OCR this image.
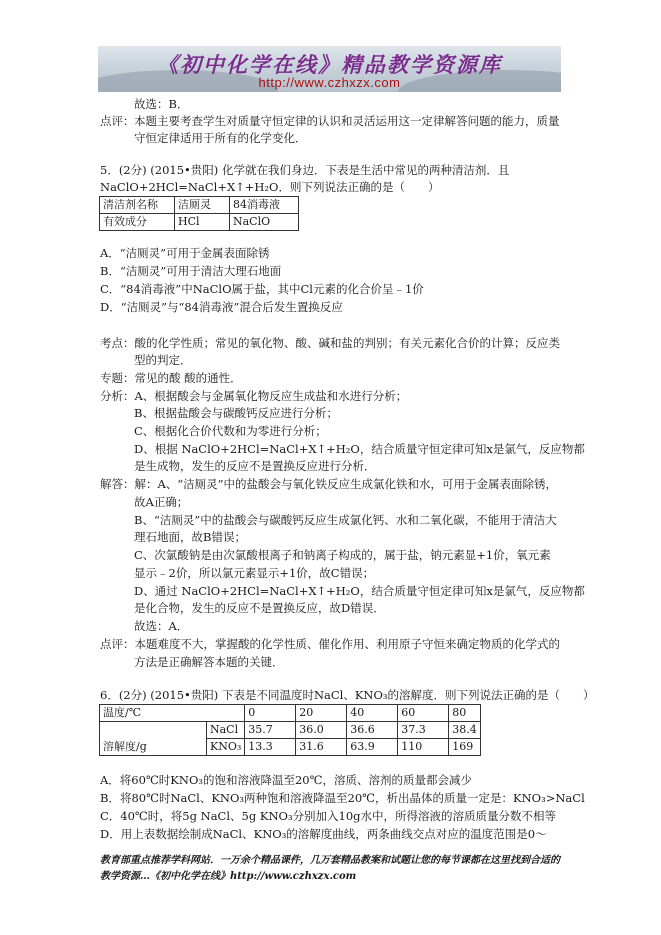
《初中化学在线》精品教学资源库
http://www.czhxzx.com
故选：B．
点评： 本题主要考查学生对质量守恒定律的认识和灵活运用这一定律解答问题的能力，质量
守恒定律适用于所有的化学变化．
5．(2分) (2015•贵阳) 化学就在我们身边．下表是生活中常见的两种清洁剂．且
NaClO+2HCl=NaCl+X↑+H₂O．则下列说法正确的是（　　）
清洁剂名称	洁厕灵	84消毒液
有效成分	HCl	NaClO
A．“洁厕灵”可用于金属表面除锈
B．“洁厕灵”可用于清洁大理石地面
C．“84消毒液”中NaClO属于盐，其中Cl元素的化合价呈﹣1价
D．“洁厕灵”与“84消毒液”混合后发生置换反应
考点：酸的化学性质；常见的氧化物、酸、碱和盐的判别；有关元素化合价的计算；反应类
型的判定．
专题：常见的酸 酸的通性．
分析：A、根据酸会与金属氧化物反应生成盐和水进行分析；
B、根据盐酸会与碳酸钙反应进行分析；
C、根据化合价代数和为零进行分析；
D、根据 NaClO+2HCl=NaCl+X↑+H₂O，结合质量守恒定律可知x是氯气，反应物都
是生成物，发生的反应不是置换反应进行分析．
解答：解：A、“洁厕灵”中的盐酸会与氧化铁反应生成氯化铁和水，可用于金属表面除锈，
故A正确；
B、“洁厕灵”中的盐酸会与碳酸钙反应生成氯化钙、水和二氧化碳，不能用于清洁大
理石地面，故B错误；
C、次氯酸钠是由次氯酸根离子和钠离子构成的，属于盐，钠元素显+1价，氧元素
显示﹣2价，所以氯元素显示+1价，故C错误；
D、通过 NaClO+2HCl=NaCl+X↑+H₂O，结合质量守恒定律可知x是氯气，反应物都
是化合物，发生的反应不是置换反应，故D错误．
故选：A．
点评：本题难度不大，掌握酸的化学性质、催化作用、利用原子守恒来确定物质的化学式的
方法是正确解答本题的关键．
6．(2分) (2015•贵阳) 下表是不同温度时NaCl、KNO₃的溶解度．则下列说法正确的是（　　）
温度/℃		0	20	40	60	80
溶解度/g	NaCl	35.7	36.0	36.6	37.3	38.4
	KNO₃	13.3	31.6	63.9	110	169
A．将60℃时KNO₃的饱和溶液降温至20℃，溶质、溶剂的质量都会减少
B．将80℃时NaCl、KNO₃两种饱和溶液降温至20℃，析出晶体的质量一定是：KNO₃>NaCl
C．40℃时，将5g NaCl、5g KNO₃分别加入10g水中，所得溶液的溶质质量分数不相等
D．用上表数据绘制成NaCl、KNO₃的溶解度曲线，两条曲线交点对应的温度范围是0～
教育部重点推荐学科网站．一万余个精品课件，几万套精品教案和试题让您的每节课都在这里找到合适的
教学资源…《初中化学在线》http://www.czhxzx.com
